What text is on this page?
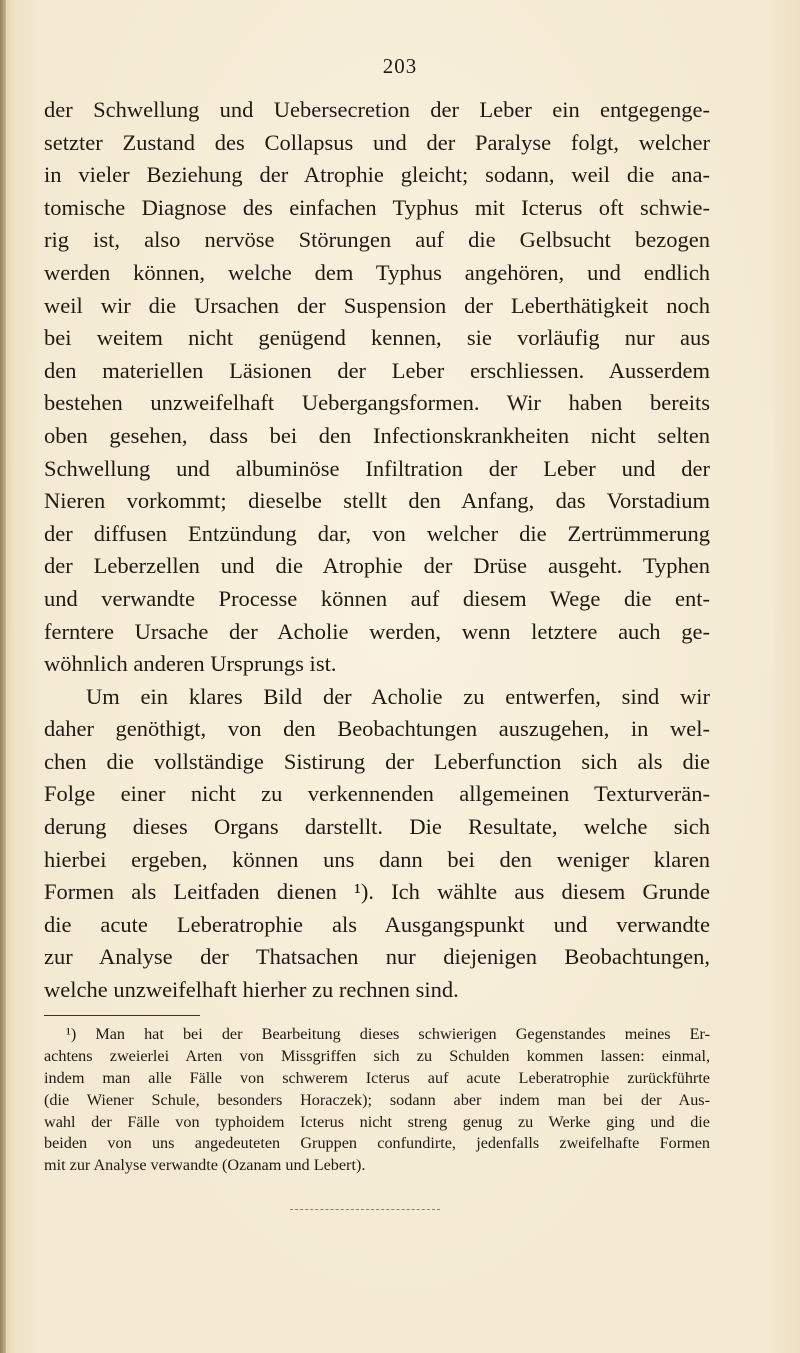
203
der Schwellung und Uebersecretion der Leber ein entgegenge-
setzter Zustand des Collapsus und der Paralyse folgt, welcher
in vieler Beziehung der Atrophie gleicht; sodann, weil die ana-
tomische Diagnose des einfachen Typhus mit Icterus oft schwie-
rig ist, also nervöse Störungen auf die Gelbsucht bezogen
werden können, welche dem Typhus angehören, und endlich
weil wir die Ursachen der Suspension der Leberthätigkeit noch
bei weitem nicht genügend kennen, sie vorläufig nur aus
den materiellen Läsionen der Leber erschliessen. Ausserdem
bestehen unzweifelhaft Uebergangsformen. Wir haben bereits
oben gesehen, dass bei den Infectionskrankheiten nicht selten
Schwellung und albuminöse Infiltration der Leber und der
Nieren vorkommt; dieselbe stellt den Anfang, das Vorstadium
der diffusen Entzündung dar, von welcher die Zertrümmerung
der Leberzellen und die Atrophie der Drüse ausgeht. Typhen
und verwandte Processe können auf diesem Wege die ent-
ferntere Ursache der Acholie werden, wenn letztere auch ge-
wöhnlich anderen Ursprungs ist.
Um ein klares Bild der Acholie zu entwerfen, sind wir
daher genöthigt, von den Beobachtungen auszugehen, in wel-
chen die vollständige Sistirung der Leberfunction sich als die
Folge einer nicht zu verkennenden allgemeinen Texturverän-
derung dieses Organs darstellt. Die Resultate, welche sich
hierbei ergeben, können uns dann bei den weniger klaren
Formen als Leitfaden dienen ¹). Ich wählte aus diesem Grunde
die acute Leberatrophie als Ausgangspunkt und verwandte
zur Analyse der Thatsachen nur diejenigen Beobachtungen,
welche unzweifelhaft hierher zu rechnen sind.
¹) Man hat bei der Bearbeitung dieses schwierigen Gegenstandes meines Er-
achtens zweierlei Arten von Missgriffen sich zu Schulden kommen lassen: einmal,
indem man alle Fälle von schwerem Icterus auf acute Leberatrophie zurückführte
(die Wiener Schule, besonders Horaczek); sodann aber indem man bei der Aus-
wahl der Fälle von typhoidem Icterus nicht streng genug zu Werke ging und die
beiden von uns angedeuteten Gruppen confundirte, jedenfalls zweifelhafte Formen
mit zur Analyse verwandte (Ozanam und Lebert).
